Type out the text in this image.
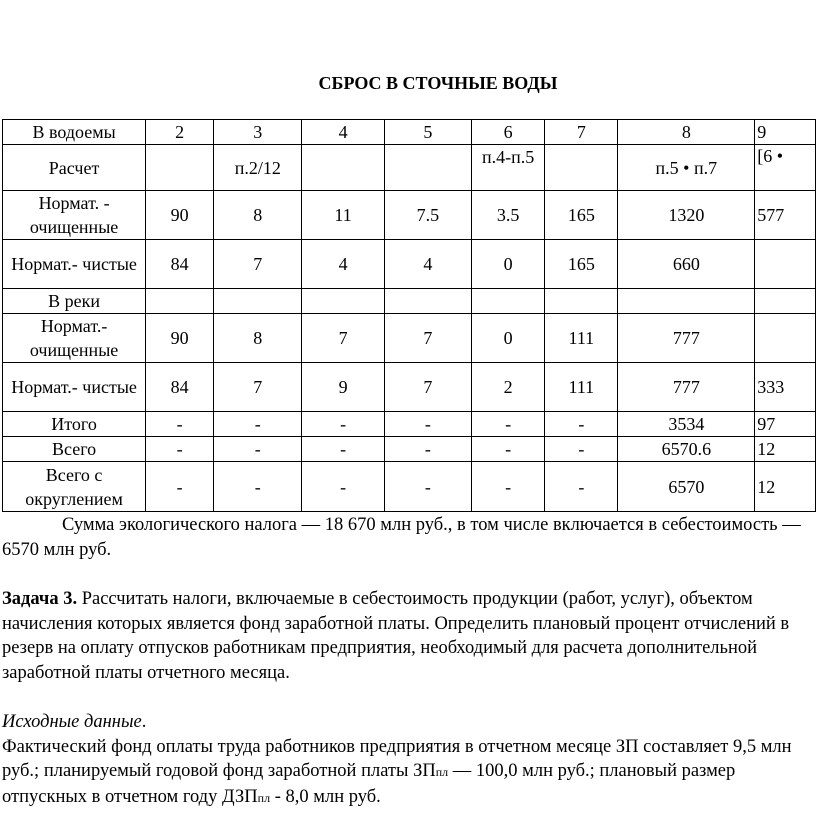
СБРОС В СТОЧНЫЕ ВОДЫ
В водоемы	2	3	4	5	6	7	8	9
Расчет		п.2/12			п.4-п.5		п.5 • п.7	[6 •
Нормат. - очищенные	90	8	11	7.5	3.5	165	1320	577
Нормат.- чистые	84	7	4	4	0	165	660	
В реки								
Нормат.- очищенные	90	8	7	7	0	111	777	
Нормат.- чистые	84	7	9	7	2	111	777	333
Итого	-	-	-	-	-	-	3534	97
Всего	-	-	-	-	-	-	6570.6	12
Всего с округлением	-	-	-	-	-	-	6570	12
Сумма экологического налога — 18 670 млн руб., в том числе включается в себестоимость — 6570 млн руб.
Задача 3. Рассчитать налоги, включаемые в себестоимость продукции (работ, услуг), объектом начисления которых является фонд заработной платы. Определить плановый процент отчислений в резерв на оплату отпусков работникам предприятия, необходимый для расчета дополнительной заработной платы отчетного месяца.
Исходные данные.
Фактический фонд оплаты труда работников предприятия в отчетном месяце ЗП составляет 9,5 млн руб.; планируемый годовой фонд заработной платы ЗПпл — 100,0 млн руб.; плановый размер отпускных в отчетном году ДЗПпл - 8,0 млн руб.
